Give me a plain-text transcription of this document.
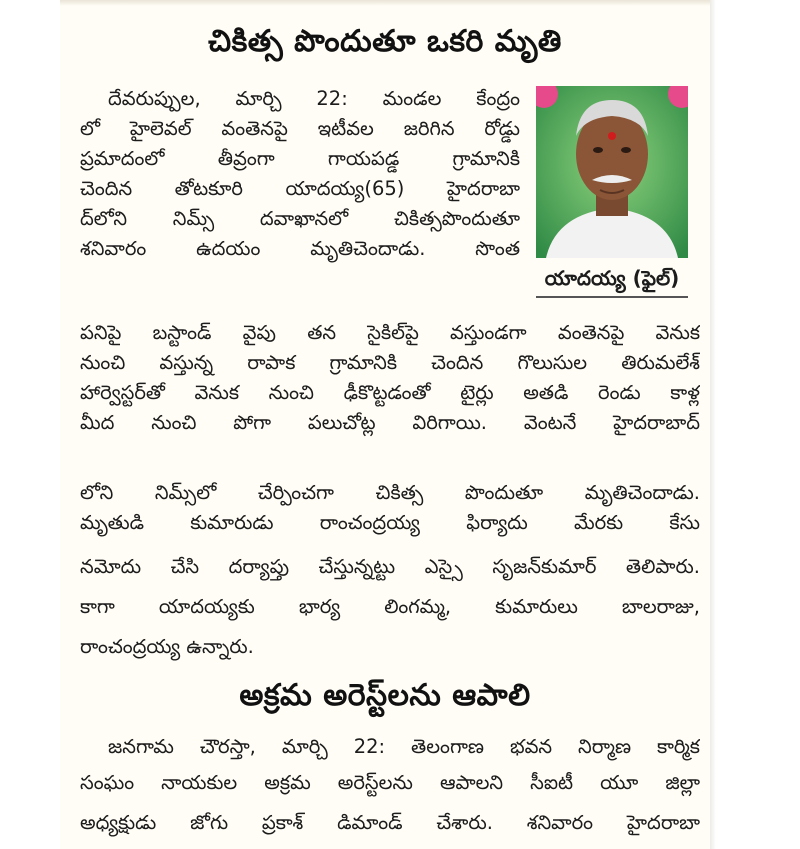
చికిత్స పొందుతూ ఒకరి మృతి
దేవరుప్పుల, మార్చి 22: మండల కేంద్రం
లో హైలెవల్ వంతెనపై ఇటీవల జరిగిన రోడ్డు
ప్రమాదంలో తీవ్రంగా గాయపడ్డ గ్రామానికి
చెందిన తోటకూరి యాదయ్య(65) హైదరాబా
ద్‌లోని నిమ్స్ దవాఖానలో చికిత్సపొందుతూ
శనివారం ఉదయం మృతిచెందాడు. సొంత
యాదయ్య (ఫైల్)
పనిపై బస్టాండ్ వైపు తన సైకిల్‌పై వస్తుండగా వంతెనపై వెనుక
నుంచి వస్తున్న రాపాక గ్రామానికి చెందిన గొలుసుల తిరుమలేశ్
హార్వెస్టర్‌తో వెనుక నుంచి ఢీకొట్టడంతో టైర్లు అతడి రెండు కాళ్ల
మీద నుంచి పోగా పలుచోట్ల విరిగాయి. వెంటనే హైదరాబాద్
లోని నిమ్స్‌లో చేర్పించగా చికిత్స పొందుతూ మృతిచెందాడు.
మృతుడి కుమారుడు రాంచంద్రయ్య ఫిర్యాదు మేరకు కేసు
నమోదు చేసి దర్యాప్తు చేస్తున్నట్టు ఎస్సై సృజన్‌కుమార్ తెలిపారు.
కాగా యాదయ్యకు భార్య లింగమ్మ, కుమారులు బాలరాజు,
రాంచంద్రయ్య ఉన్నారు.
అక్రమ అరెస్ట్‌లను ఆపాలి
జనగామ చౌరస్తా, మార్చి 22: తెలంగాణ భవన నిర్మాణ కార్మిక
సంఘం నాయకుల అక్రమ అరెస్ట్‌లను ఆపాలని సీఐటీ యూ జిల్లా
అధ్యక్షుడు జోగు ప్రకాశ్ డిమాండ్ చేశారు. శనివారం హైదరాబా
